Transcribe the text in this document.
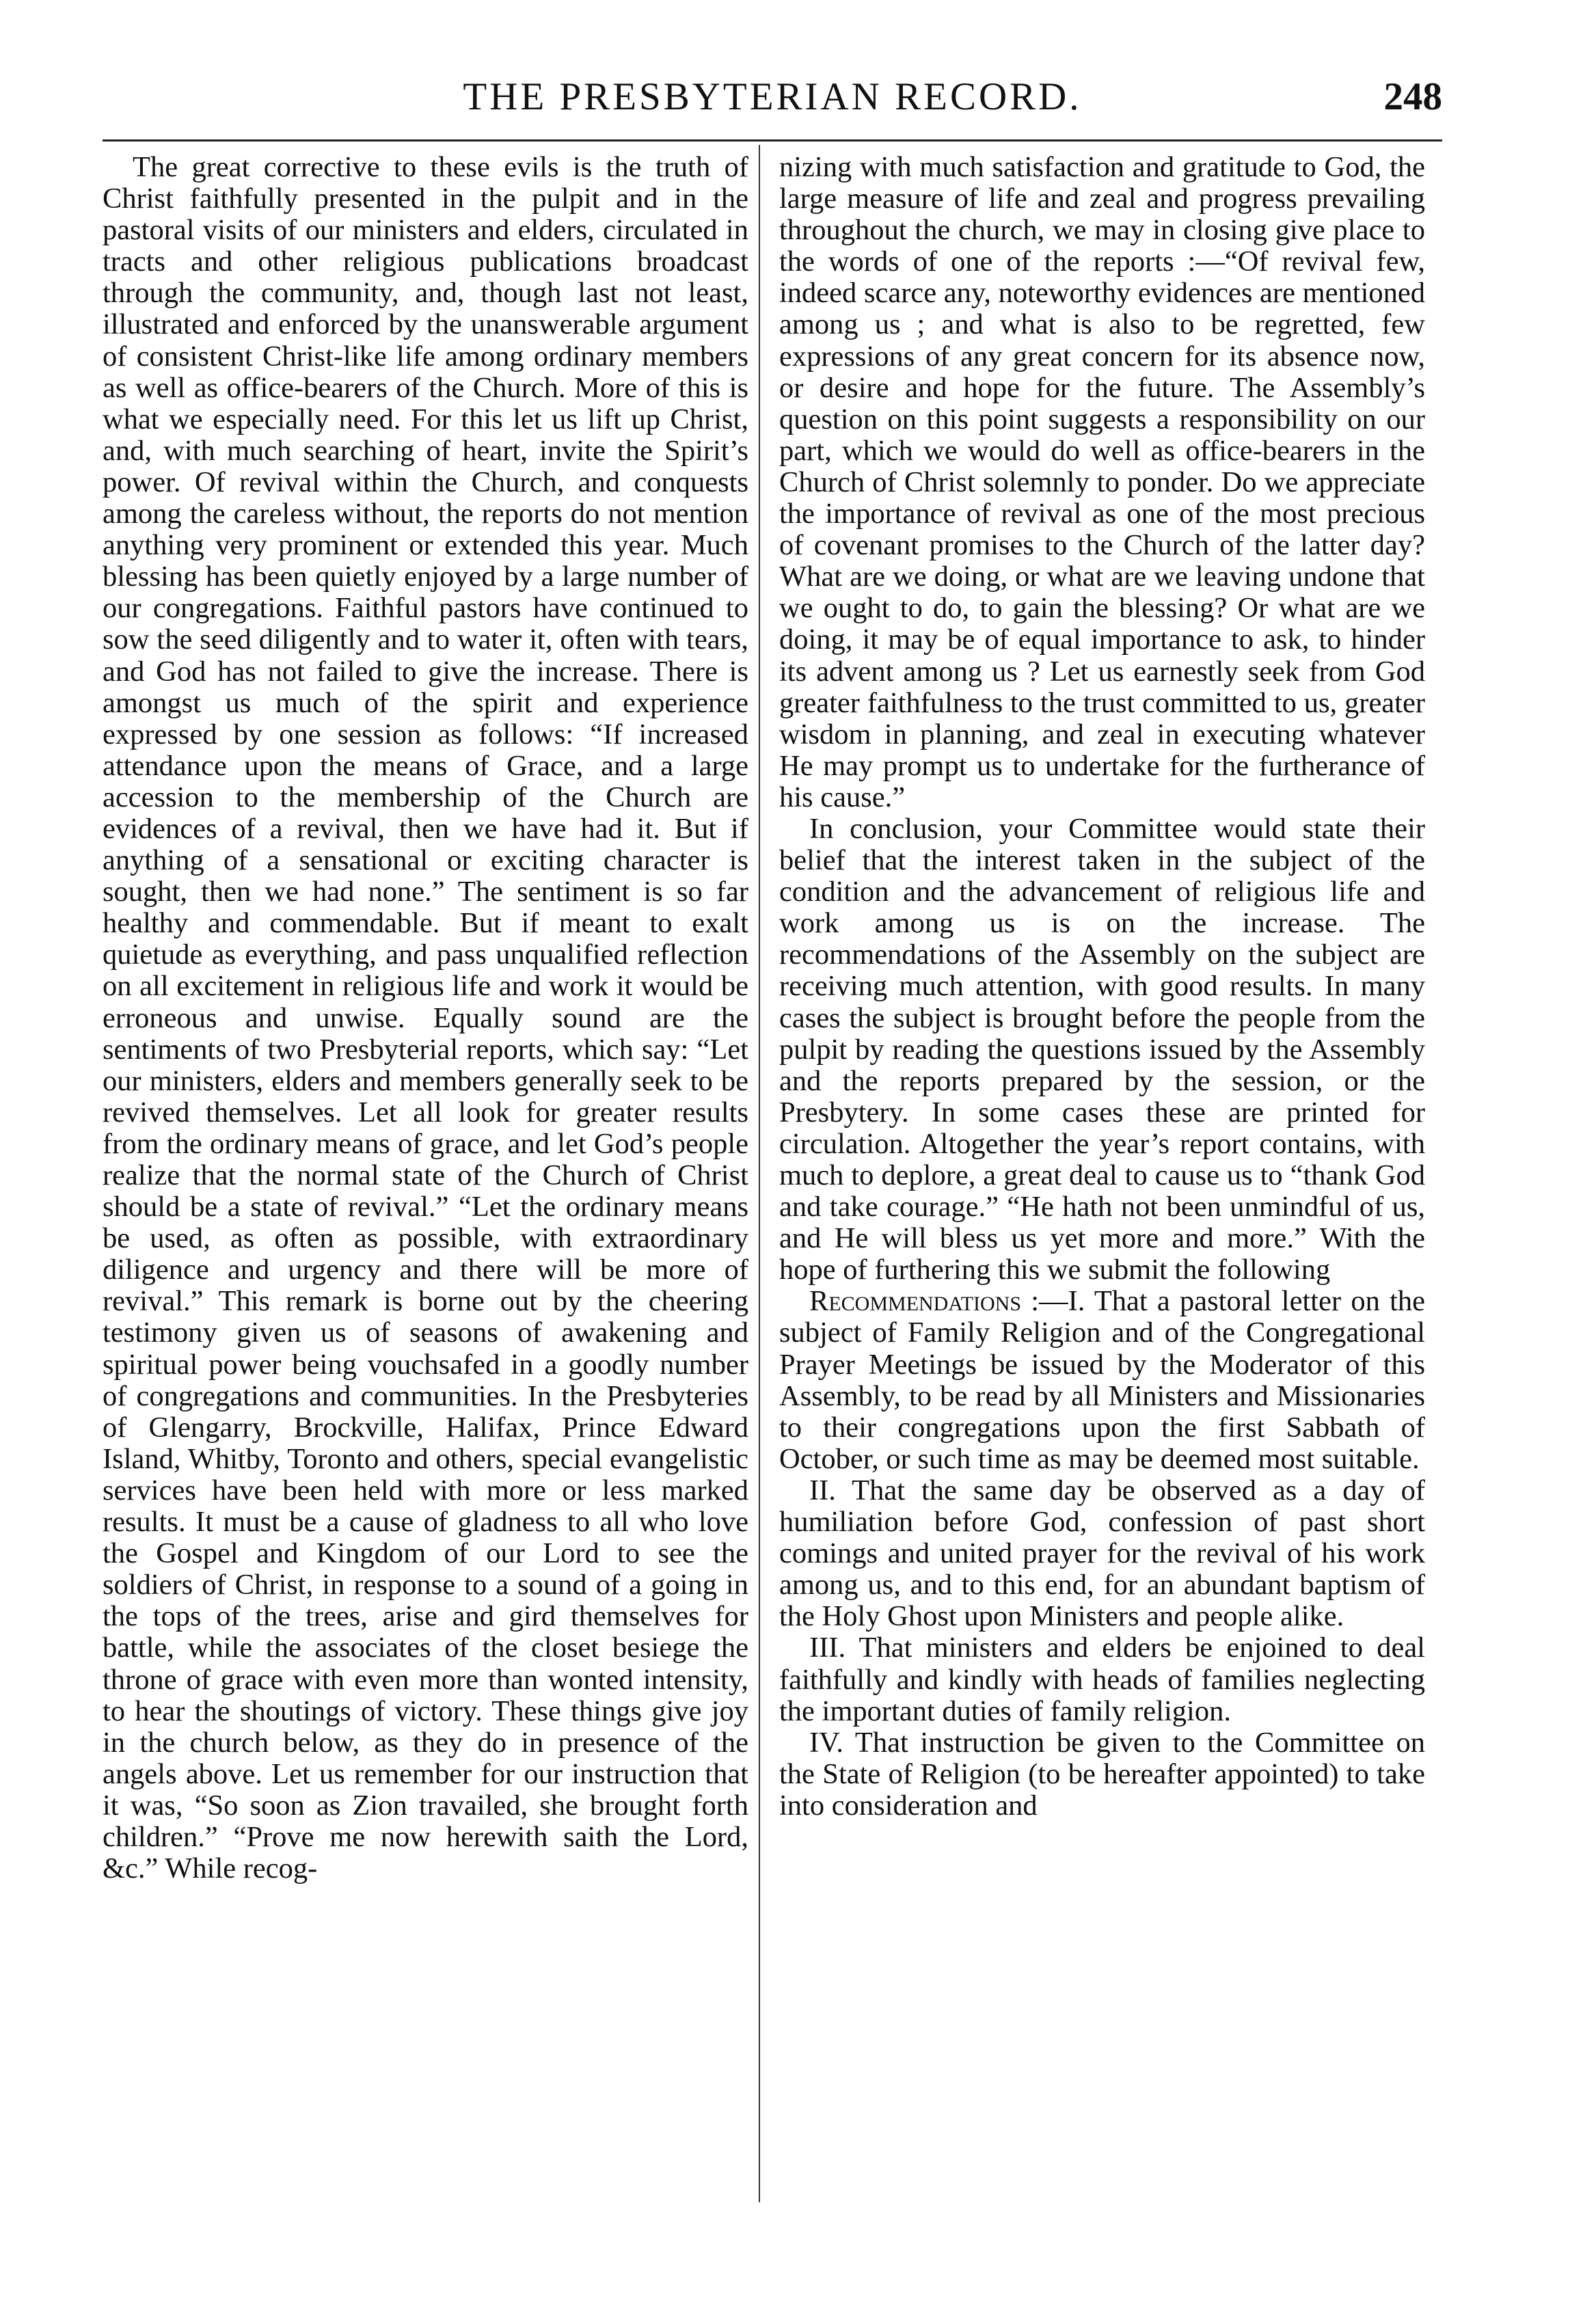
THE PRESBYTERIAN RECORD.	248

The great corrective to these evils is the truth of Christ faithfully presented in the pulpit and in the pastoral visits of our ministers and elders, circulated in tracts and other religious publications broadcast through the community, and, though last not least, illustrated and enforced by the unanswerable argument of consistent Christ-like life among ordinary members as well as office-bearers of the Church. More of this is what we especially need. For this let us lift up Christ, and, with much searching of heart, invite the Spirit’s power. Of revival within the Church, and conquests among the careless without, the reports do not mention anything very prominent or extended this year. Much blessing has been quietly enjoyed by a large number of our congregations. Faithful pastors have continued to sow the seed diligently and to water it, often with tears, and God has not failed to give the increase. There is amongst us much of the spirit and experience expressed by one session as follows: “If increased attendance upon the means of Grace, and a large accession to the membership of the Church are evidences of a revival, then we have had it. But if anything of a sensational or exciting character is sought, then we had none.” The sentiment is so far healthy and commendable. But if meant to exalt quietude as everything, and pass unqualified reflection on all excitement in religious life and work it would be erroneous and unwise. Equally sound are the sentiments of two Presbyterial reports, which say: “Let our ministers, elders and members generally seek to be revived themselves. Let all look for greater results from the ordinary means of grace, and let God’s people realize that the normal state of the Church of Christ should be a state of revival.” “Let the ordinary means be used, as often as possible, with extraordinary diligence and urgency and there will be more of revival.” This remark is borne out by the cheering testimony given us of seasons of awakening and spiritual power being vouchsafed in a goodly number of congregations and communities. In the Presbyteries of Glengarry, Brockville, Halifax, Prince Edward Island, Whitby, Toronto and others, special evangelistic services have been held with more or less marked results. It must be a cause of gladness to all who love the Gospel and Kingdom of our Lord to see the soldiers of Christ, in response to a sound of a going in the tops of the trees, arise and gird themselves for battle, while the associates of the closet besiege the throne of grace with even more than wonted intensity, to hear the shoutings of victory. These things give joy in the church below, as they do in presence of the angels above. Let us remember for our instruction that it was, “So soon as Zion travailed, she brought forth children.” “Prove me now herewith saith the Lord, &c.” While recog-

nizing with much satisfaction and gratitude to God, the large measure of life and zeal and progress prevailing throughout the church, we may in closing give place to the words of one of the reports :—“Of revival few, indeed scarce any, noteworthy evidences are mentioned among us ; and what is also to be regretted, few expressions of any great concern for its absence now, or desire and hope for the future. The Assembly’s question on this point suggests a responsibility on our part, which we would do well as office-bearers in the Church of Christ solemnly to ponder. Do we appreciate the importance of revival as one of the most precious of covenant promises to the Church of the latter day? What are we doing, or what are we leaving undone that we ought to do, to gain the blessing? Or what are we doing, it may be of equal importance to ask, to hinder its advent among us ? Let us earnestly seek from God greater faithfulness to the trust committed to us, greater wisdom in planning, and zeal in executing whatever He may prompt us to undertake for the furtherance of his cause.”

In conclusion, your Committee would state their belief that the interest taken in the subject of the condition and the advancement of religious life and work among us is on the increase. The recommendations of the Assembly on the subject are receiving much attention, with good results. In many cases the subject is brought before the people from the pulpit by reading the questions issued by the Assembly and the reports prepared by the session, or the Presbytery. In some cases these are printed for circulation. Altogether the year’s report contains, with much to deplore, a great deal to cause us to “thank God and take courage.” “He hath not been unmindful of us, and He will bless us yet more and more.” With the hope of furthering this we submit the following

Recommendations :—I. That a pastoral letter on the subject of Family Religion and of the Congregational Prayer Meetings be issued by the Moderator of this Assembly, to be read by all Ministers and Missionaries to their congregations upon the first Sabbath of October, or such time as may be deemed most suitable.

II. That the same day be observed as a day of humiliation before God, confession of past short comings and united prayer for the revival of his work among us, and to this end, for an abundant baptism of the Holy Ghost upon Ministers and people alike.

III. That ministers and elders be enjoined to deal faithfully and kindly with heads of families neglecting the important duties of family religion.

IV. That instruction be given to the Committee on the State of Religion (to be hereafter appointed) to take into consideration and
